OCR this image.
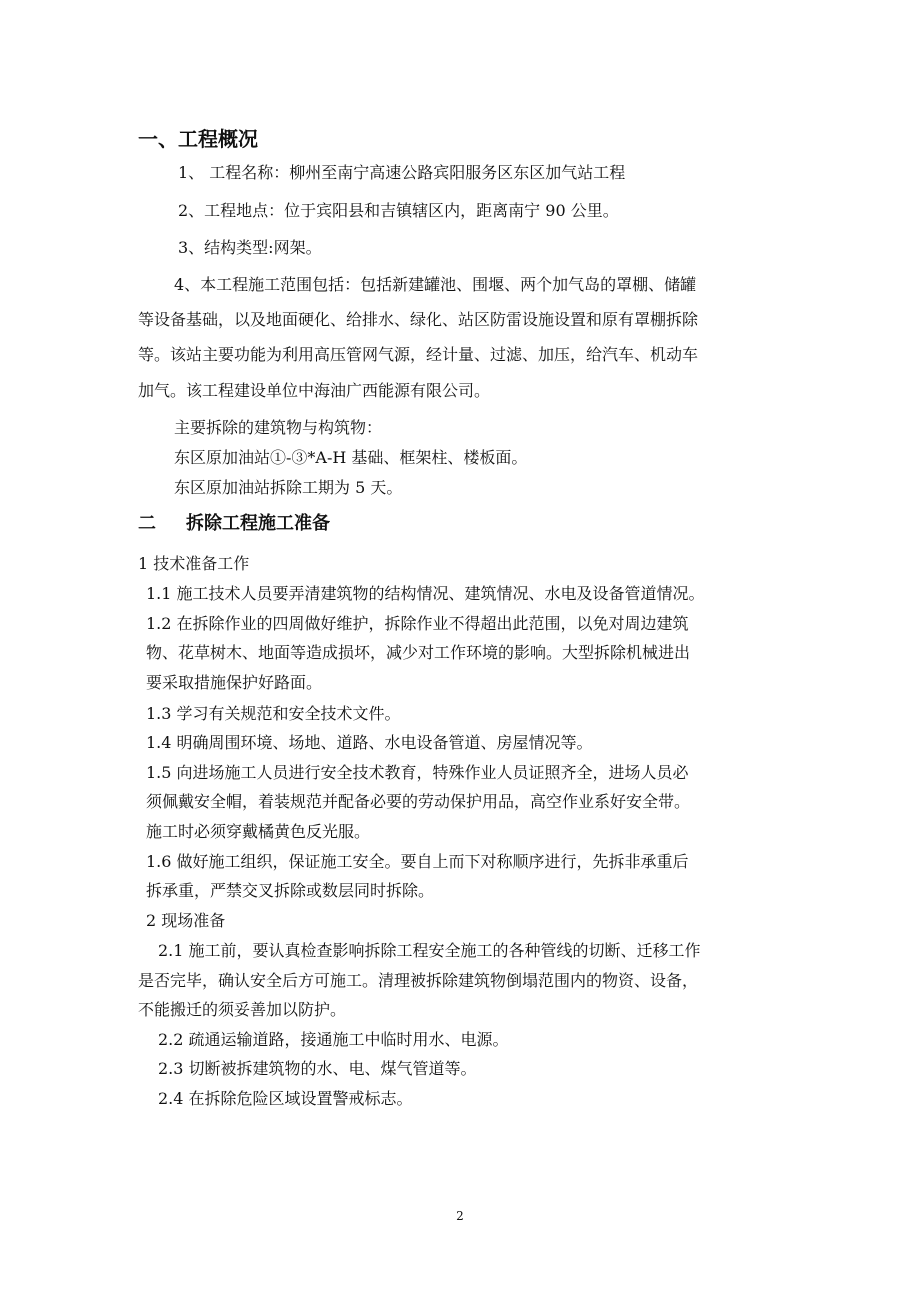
一、工程概况
1、 工程名称：柳州至南宁高速公路宾阳服务区东区加气站工程
2、工程地点：位于宾阳县和吉镇辖区内，距离南宁 90 公里。
3、结构类型:网架。
4、本工程施工范围包括：包括新建罐池、围堰、两个加气岛的罩棚、储罐
等设备基础，以及地面硬化、给排水、绿化、站区防雷设施设置和原有罩棚拆除
等。该站主要功能为利用高压管网气源，经计量、过滤、加压，给汽车、机动车
加气。该工程建设单位中海油广西能源有限公司。
主要拆除的建筑物与构筑物：
东区原加油站①-③*A-H 基础、框架柱、楼板面。
东区原加油站拆除工期为 5 天。
二 拆除工程施工准备
1 技术准备工作
1.1 施工技术人员要弄清建筑物的结构情况、建筑情况、水电及设备管道情况。
1.2 在拆除作业的四周做好维护，拆除作业不得超出此范围，以免对周边建筑
物、花草树木、地面等造成损坏，减少对工作环境的影响。大型拆除机械进出
要采取措施保护好路面。
1.3 学习有关规范和安全技术文件。
1.4 明确周围环境、场地、道路、水电设备管道、房屋情况等。
1.5 向进场施工人员进行安全技术教育，特殊作业人员证照齐全，进场人员必
须佩戴安全帽，着装规范并配备必要的劳动保护用品，高空作业系好安全带。
施工时必须穿戴橘黄色反光服。
1.6 做好施工组织，保证施工安全。要自上而下对称顺序进行，先拆非承重后
拆承重，严禁交叉拆除或数层同时拆除。
2 现场准备
2.1 施工前，要认真检查影响拆除工程安全施工的各种管线的切断、迁移工作
是否完毕，确认安全后方可施工。清理被拆除建筑物倒塌范围内的物资、设备，
不能搬迁的须妥善加以防护。
2.2 疏通运输道路，接通施工中临时用水、电源。
2.3 切断被拆建筑物的水、电、煤气管道等。
2.4 在拆除危险区域设置警戒标志。
2
